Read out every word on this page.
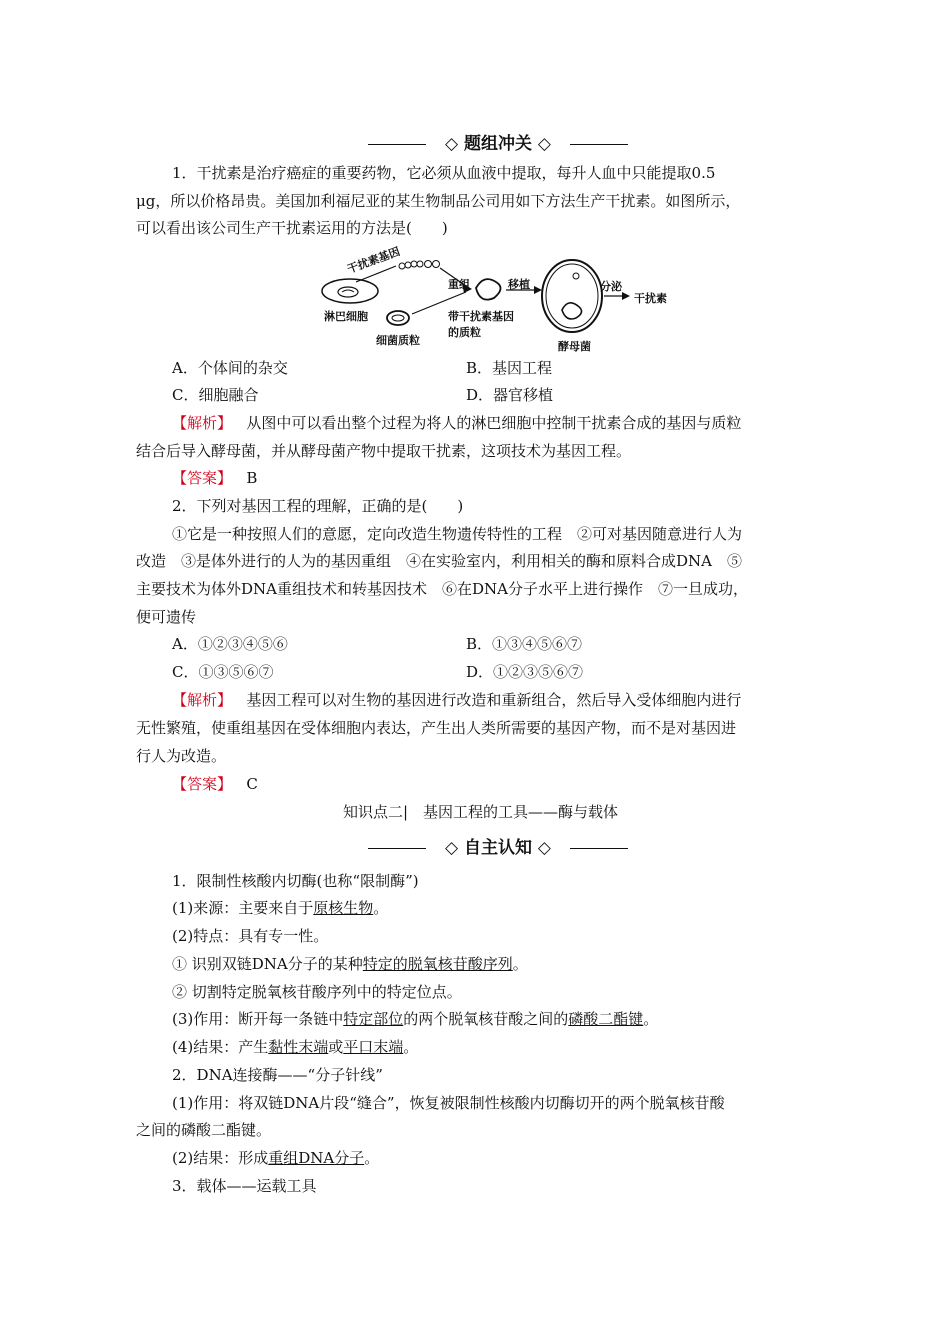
◇ 题组冲关 ◇
1．干扰素是治疗癌症的重要药物，它必须从血液中提取，每升人血中只能提取0.5
μg，所以价格昂贵。美国加利福尼亚的某生物制品公司用如下方法生产干扰素。如图所示，
可以看出该公司生产干扰素运用的方法是(　　)
干扰素基因
淋巴细胞
细菌质粒
重组	移植
带干扰素基因
的质粒
酵母菌
分泌
干扰素
A．个体间的杂交	B．基因工程
C．细胞融合	D．器官移植
【解析】 从图中可以看出整个过程为将人的淋巴细胞中控制干扰素合成的基因与质粒
结合后导入酵母菌，并从酵母菌产物中提取干扰素，这项技术为基因工程。
【答案】 B
2．下列对基因工程的理解，正确的是(　　)
①它是一种按照人们的意愿，定向改造生物遗传特性的工程　②可对基因随意进行人为
改造　③是体外进行的人为的基因重组　④在实验室内，利用相关的酶和原料合成DNA　⑤
主要技术为体外DNA重组技术和转基因技术　⑥在DNA分子水平上进行操作　⑦一旦成功，
便可遗传
A．①②③④⑤⑥	B．①③④⑤⑥⑦
C．①③⑤⑥⑦	D．①②③⑤⑥⑦
【解析】 基因工程可以对生物的基因进行改造和重新组合，然后导入受体细胞内进行
无性繁殖，使重组基因在受体细胞内表达，产生出人类所需要的基因产物，而不是对基因进
行人为改造。
【答案】 C
知识点二|　基因工程的工具——酶与载体
◇ 自主认知 ◇
1．限制性核酸内切酶(也称“限制酶”)
(1)来源：主要来自于原核生物。
(2)特点：具有专一性。
① 识别双链DNA分子的某种特定的脱氧核苷酸序列。
② 切割特定脱氧核苷酸序列中的特定位点。
(3)作用：断开每一条链中特定部位的两个脱氧核苷酸之间的磷酸二酯键。
(4)结果：产生黏性末端或平口末端。
2．DNA连接酶——“分子针线”
(1)作用：将双链DNA片段“缝合”，恢复被限制性核酸内切酶切开的两个脱氧核苷酸
之间的磷酸二酯键。
(2)结果：形成重组DNA分子。
3．载体——运载工具
